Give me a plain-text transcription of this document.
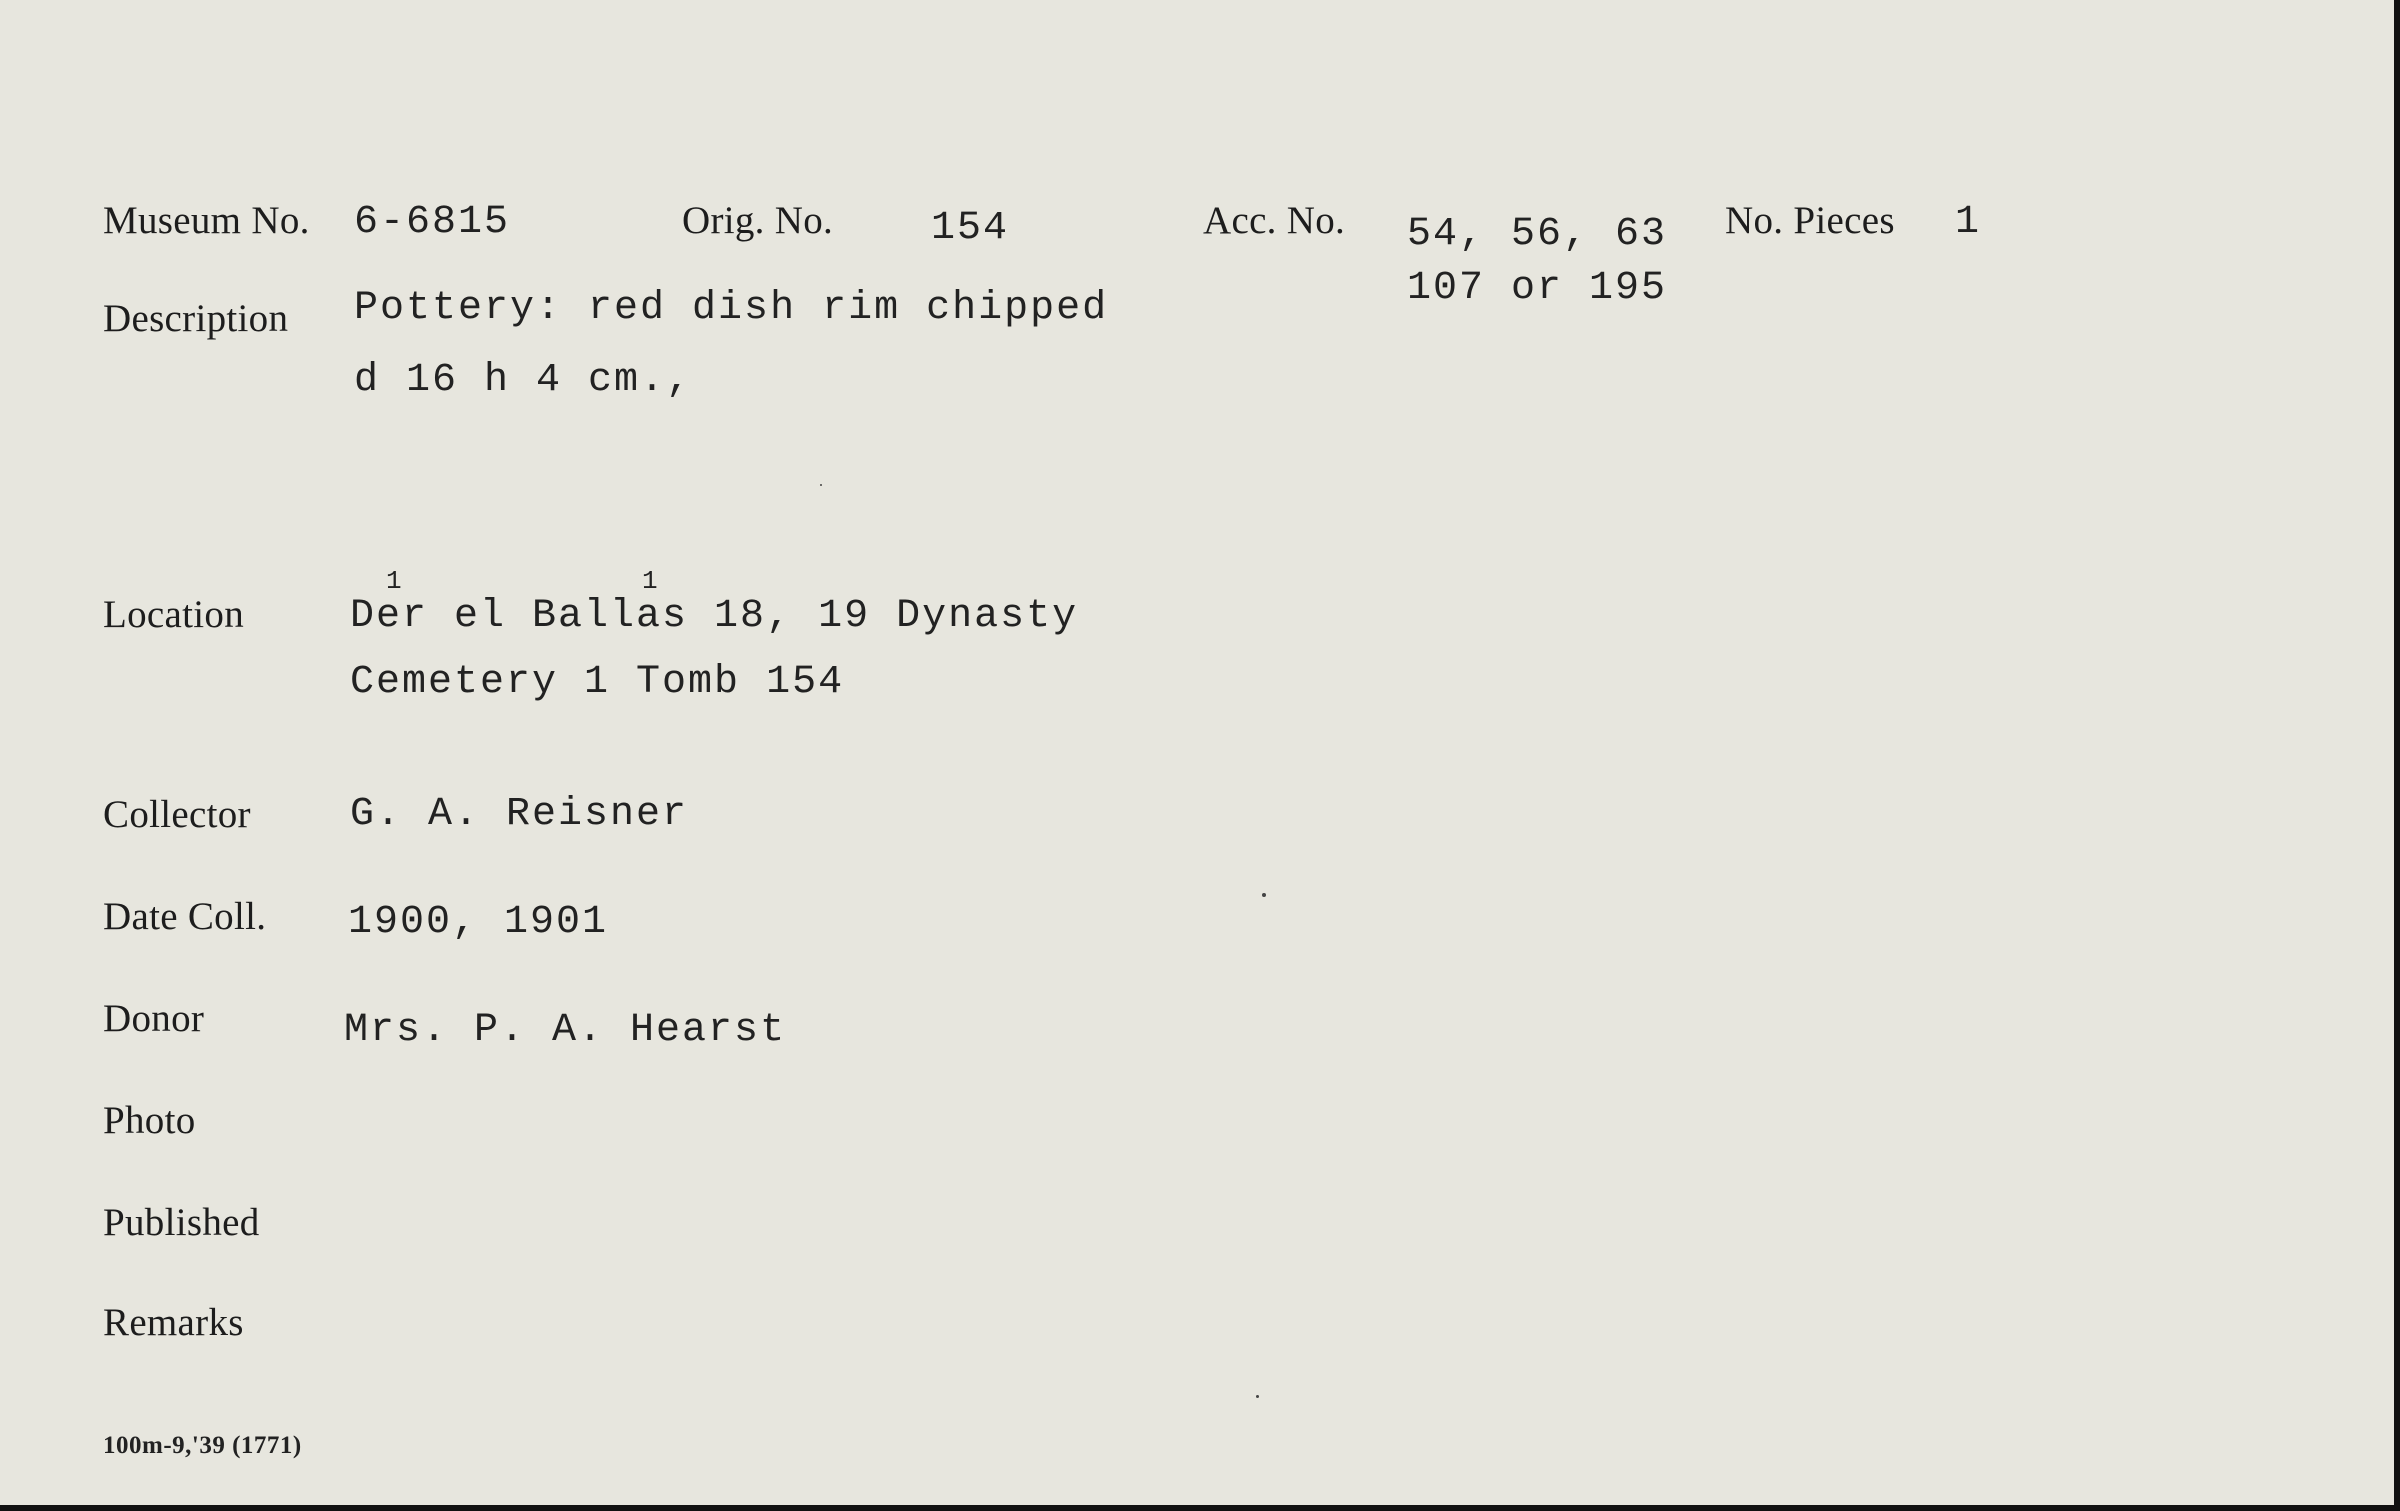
Museum No. 6-6815	Orig. No. 154	Acc. No. 54, 56, 63
107 or 195
No. Pieces 1
Description Pottery: red dish rim chipped
d 16 h 4 cm.,
Location
1	1
Der el Ballas 18, 19 Dynasty
Cemetery 1 Tomb 154
Collector G. A. Reisner
Date Coll. 1900, 1901
Donor	Mrs. P. A. Hearst
Photo
Published
Remarks
100m-9,'39 (1771)
